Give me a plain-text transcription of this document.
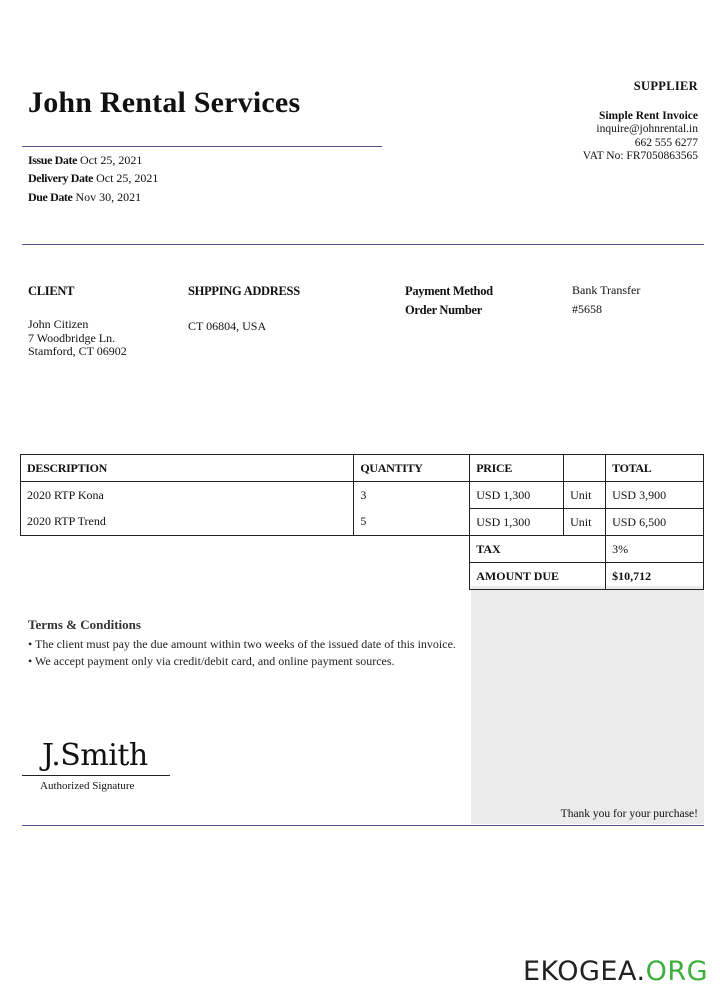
John Rental Services
Issue Date Oct 25, 2021
Delivery Date Oct 25, 2021
Due Date Nov 30, 2021
SUPPLIER
Simple Rent Invoice
inquire@johnrental.in
662 555 6277
VAT No: FR7050863565
CLIENT
John Citizen
7 Woodbridge Ln.
Stamford, CT 06902
SHPPING ADDRESS
CT 06804, USA
Payment Method	Bank Transfer
Order Number	#5658
DESCRIPTION	QUANTITY	PRICE		TOTAL
2020 RTP Kona	3	USD 1,300	Unit	USD 3,900
2020 RTP Trend	5	USD 1,300	Unit	USD 6,500
		TAX		3%
		AMOUNT DUE		$10,712
Terms & Conditions
• The client must pay the due amount within two weeks of the issued date of this invoice.
• We accept payment only via credit/debit card, and online payment sources.
J.Smith
Authorized Signature
Thank you for your purchase!
EKOGEA.ORG
